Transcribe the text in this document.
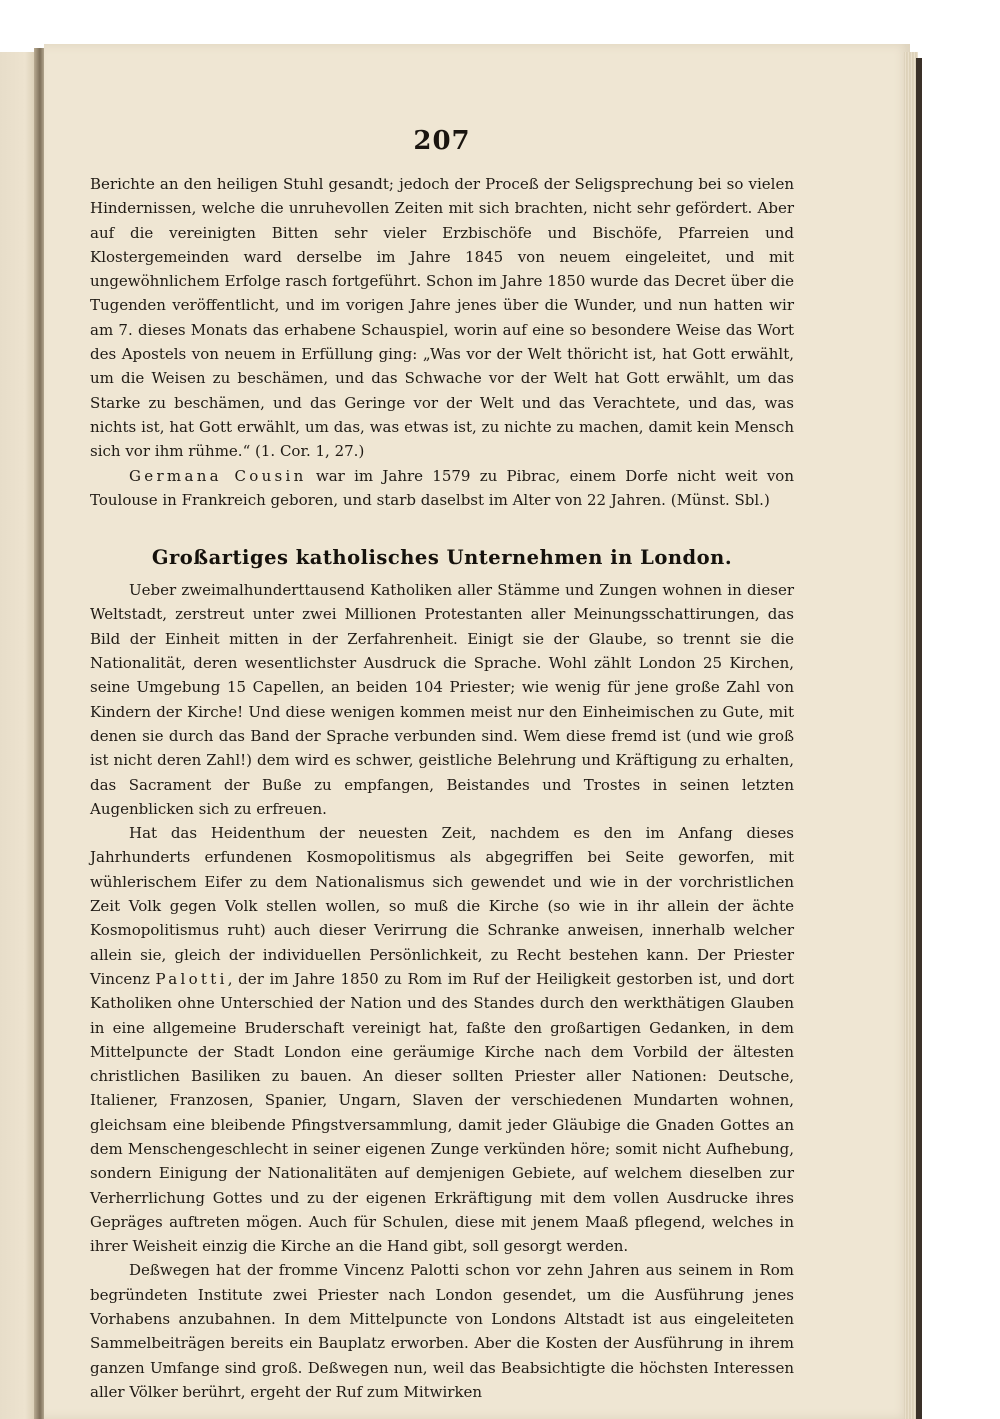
207

Berichte an den heiligen Stuhl gesandt; jedoch der Proceß der Seligsprechung bei so vielen Hindernissen, welche die unruhevollen Zeiten mit sich brachten, nicht sehr gefördert. Aber auf die vereinigten Bitten sehr vieler Erzbischöfe und Bischöfe, Pfarreien und Klostergemeinden ward derselbe im Jahre 1845 von neuem eingeleitet, und mit ungewöhnlichem Erfolge rasch fortgeführt. Schon im Jahre 1850 wurde das Decret über die Tugenden veröffentlicht, und im vorigen Jahre jenes über die Wunder, und nun hatten wir am 7. dieses Monats das erhabene Schauspiel, worin auf eine so besondere Weise das Wort des Apostels von neuem in Erfüllung ging: „Was vor der Welt thöricht ist, hat Gott erwählt, um die Weisen zu beschämen, und das Schwache vor der Welt hat Gott erwählt, um das Starke zu beschämen, und das Geringe vor der Welt und das Verachtete, und das, was nichts ist, hat Gott erwählt, um das, was etwas ist, zu nichte zu machen, damit kein Mensch sich vor ihm rühme.“ (1. Cor. 1, 27.)

Germana Cousin war im Jahre 1579 zu Pibrac, einem Dorfe nicht weit von Toulouse in Frankreich geboren, und starb daselbst im Alter von 22 Jahren. (Münst. Sbl.)

Großartiges katholisches Unternehmen in London.

Ueber zweimalhunderttausend Katholiken aller Stämme und Zungen wohnen in dieser Weltstadt, zerstreut unter zwei Millionen Protestanten aller Meinungsschattirungen, das Bild der Einheit mitten in der Zerfahrenheit. Einigt sie der Glaube, so trennt sie die Nationalität, deren wesentlichster Ausdruck die Sprache. Wohl zählt London 25 Kirchen, seine Umgebung 15 Capellen, an beiden 104 Priester; wie wenig für jene große Zahl von Kindern der Kirche! Und diese wenigen kommen meist nur den Einheimischen zu Gute, mit denen sie durch das Band der Sprache verbunden sind. Wem diese fremd ist (und wie groß ist nicht deren Zahl!) dem wird es schwer, geistliche Belehrung und Kräftigung zu erhalten, das Sacrament der Buße zu empfangen, Beistandes und Trostes in seinen letzten Augenblicken sich zu erfreuen.

Hat das Heidenthum der neuesten Zeit, nachdem es den im Anfang dieses Jahrhunderts erfundenen Kosmopolitismus als abgegriffen bei Seite geworfen, mit wühlerischem Eifer zu dem Nationalismus sich gewendet und wie in der vorchristlichen Zeit Volk gegen Volk stellen wollen, so muß die Kirche (so wie in ihr allein der ächte Kosmopolitismus ruht) auch dieser Verirrung die Schranke anweisen, innerhalb welcher allein sie, gleich der individuellen Persönlichkeit, zu Recht bestehen kann. Der Priester Vincenz Palotti, der im Jahre 1850 zu Rom im Ruf der Heiligkeit gestorben ist, und dort Katholiken ohne Unterschied der Nation und des Standes durch den werkthätigen Glauben in eine allgemeine Bruderschaft vereinigt hat, faßte den großartigen Gedanken, in dem Mittelpuncte der Stadt London eine geräumige Kirche nach dem Vorbild der ältesten christlichen Basiliken zu bauen. An dieser sollten Priester aller Nationen: Deutsche, Italiener, Franzosen, Spanier, Ungarn, Slaven der verschiedenen Mundarten wohnen, gleichsam eine bleibende Pfingstversammlung, damit jeder Gläubige die Gnaden Gottes an dem Menschengeschlecht in seiner eigenen Zunge verkünden höre; somit nicht Aufhebung, sondern Einigung der Nationalitäten auf demjenigen Gebiete, auf welchem dieselben zur Verherrlichung Gottes und zu der eigenen Erkräftigung mit dem vollen Ausdrucke ihres Gepräges auftreten mögen. Auch für Schulen, diese mit jenem Maaß pflegend, welches in ihrer Weisheit einzig die Kirche an die Hand gibt, soll gesorgt werden.

Deßwegen hat der fromme Vincenz Palotti schon vor zehn Jahren aus seinem in Rom begründeten Institute zwei Priester nach London gesendet, um die Ausführung jenes Vorhabens anzubahnen. In dem Mittelpuncte von Londons Altstadt ist aus eingeleiteten Sammelbeiträgen bereits ein Bauplatz erworben. Aber die Kosten der Ausführung in ihrem ganzen Umfange sind groß. Deßwegen nun, weil das Beabsichtigte die höchsten Interessen aller Völker berührt, ergeht der Ruf zum Mitwirken
